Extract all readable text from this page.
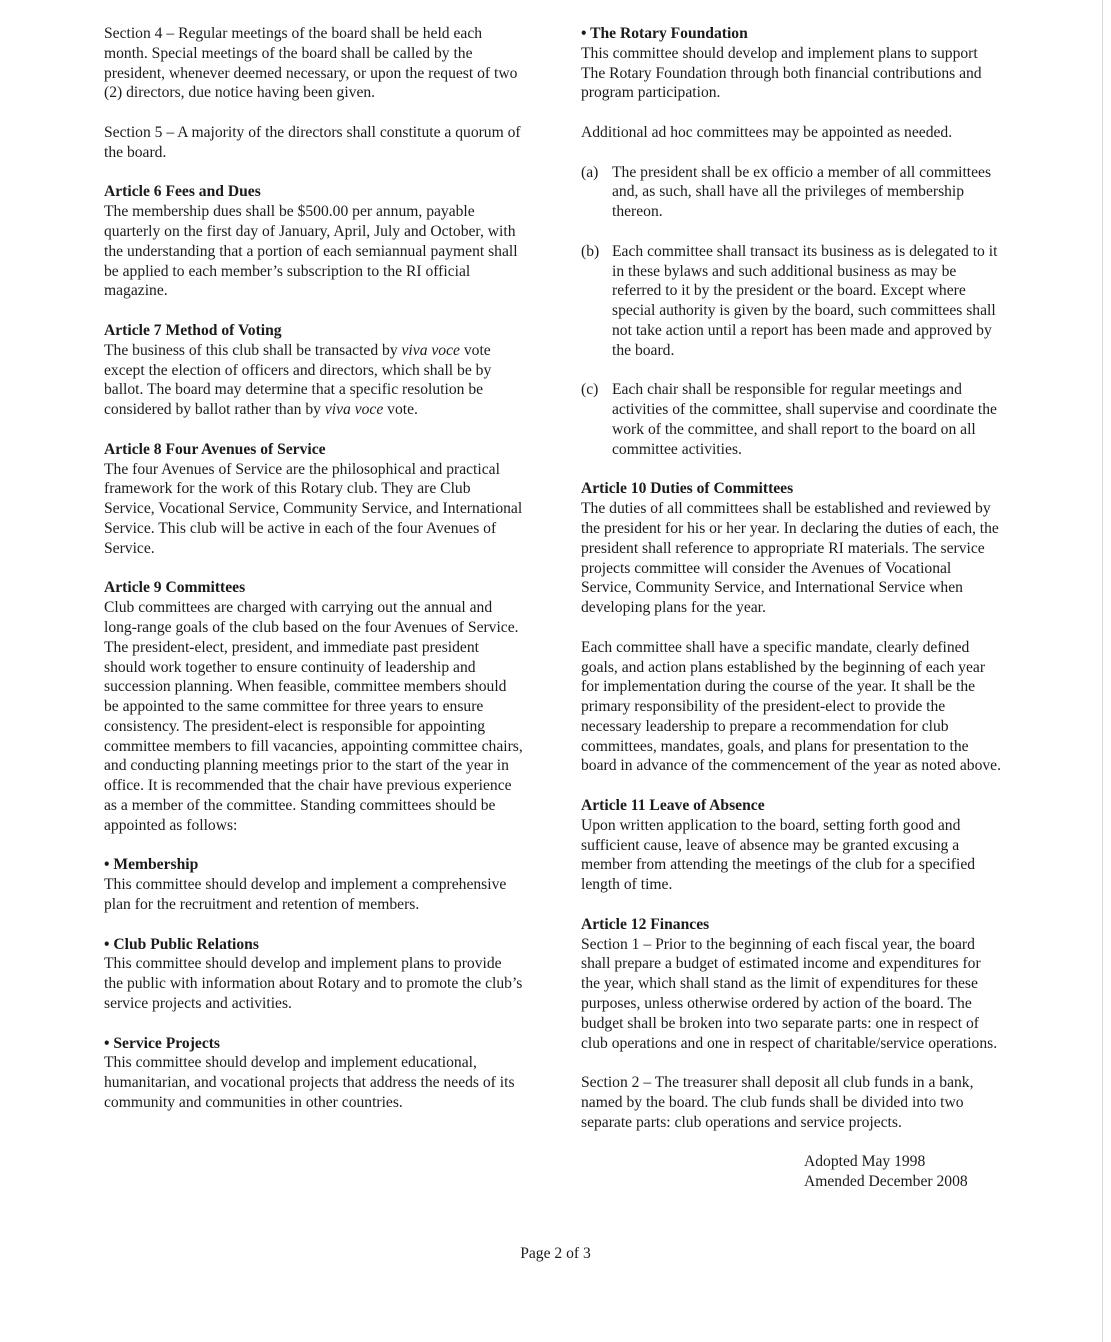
Section 4 – Regular meetings of the board shall be held each month. Special meetings of the board shall be called by the president, whenever deemed necessary, or upon the request of two (2) directors, due notice having been given.

Section 5 – A majority of the directors shall constitute a quorum of the board.

Article 6 Fees and Dues
The membership dues shall be $500.00 per annum, payable quarterly on the first day of January, April, July and October, with the understanding that a portion of each semiannual payment shall be applied to each member’s subscription to the RI official magazine.

Article 7 Method of Voting
The business of this club shall be transacted by viva voce vote except the election of officers and directors, which shall be by ballot. The board may determine that a specific resolution be considered by ballot rather than by viva voce vote.

Article 8 Four Avenues of Service
The four Avenues of Service are the philosophical and practical framework for the work of this Rotary club. They are Club Service, Vocational Service, Community Service, and International Service. This club will be active in each of the four Avenues of Service.

Article 9 Committees
Club committees are charged with carrying out the annual and long-range goals of the club based on the four Avenues of Service. The president-elect, president, and immediate past president should work together to ensure continuity of leadership and succession planning. When feasible, committee members should be appointed to the same committee for three years to ensure consistency. The president-elect is responsible for appointing committee members to fill vacancies, appointing committee chairs, and conducting planning meetings prior to the start of the year in office. It is recommended that the chair have previous experience as a member of the committee. Standing committees should be appointed as follows:

• Membership
This committee should develop and implement a comprehensive plan for the recruitment and retention of members.

• Club Public Relations
This committee should develop and implement plans to provide the public with information about Rotary and to promote the club’s service projects and activities.

• Service Projects
This committee should develop and implement educational, humanitarian, and vocational projects that address the needs of its community and communities in other countries.

• The Rotary Foundation
This committee should develop and implement plans to support The Rotary Foundation through both financial contributions and program participation.

Additional ad hoc committees may be appointed as needed.

(a) The president shall be ex officio a member of all committees and, as such, shall have all the privileges of membership thereon.
(b) Each committee shall transact its business as is delegated to it in these bylaws and such additional business as may be referred to it by the president or the board. Except where special authority is given by the board, such committees shall not take action until a report has been made and approved by the board.
(c) Each chair shall be responsible for regular meetings and activities of the committee, shall supervise and coordinate the work of the committee, and shall report to the board on all committee activities.

Article 10 Duties of Committees
The duties of all committees shall be established and reviewed by the president for his or her year. In declaring the duties of each, the president shall reference to appropriate RI materials. The service projects committee will consider the Avenues of Vocational Service, Community Service, and International Service when developing plans for the year.

Each committee shall have a specific mandate, clearly defined goals, and action plans established by the beginning of each year for implementation during the course of the year. It shall be the primary responsibility of the president-elect to provide the necessary leadership to prepare a recommendation for club committees, mandates, goals, and plans for presentation to the board in advance of the commencement of the year as noted above.

Article 11 Leave of Absence
Upon written application to the board, setting forth good and sufficient cause, leave of absence may be granted excusing a member from attending the meetings of the club for a specified length of time.

Article 12 Finances
Section 1 – Prior to the beginning of each fiscal year, the board shall prepare a budget of estimated income and expenditures for the year, which shall stand as the limit of expenditures for these purposes, unless otherwise ordered by action of the board. The budget shall be broken into two separate parts: one in respect of club operations and one in respect of charitable/service operations.

Section 2 – The treasurer shall deposit all club funds in a bank, named by the board. The club funds shall be divided into two separate parts: club operations and service projects.

Adopted May 1998
Amended December 2008
Page 2 of 3
